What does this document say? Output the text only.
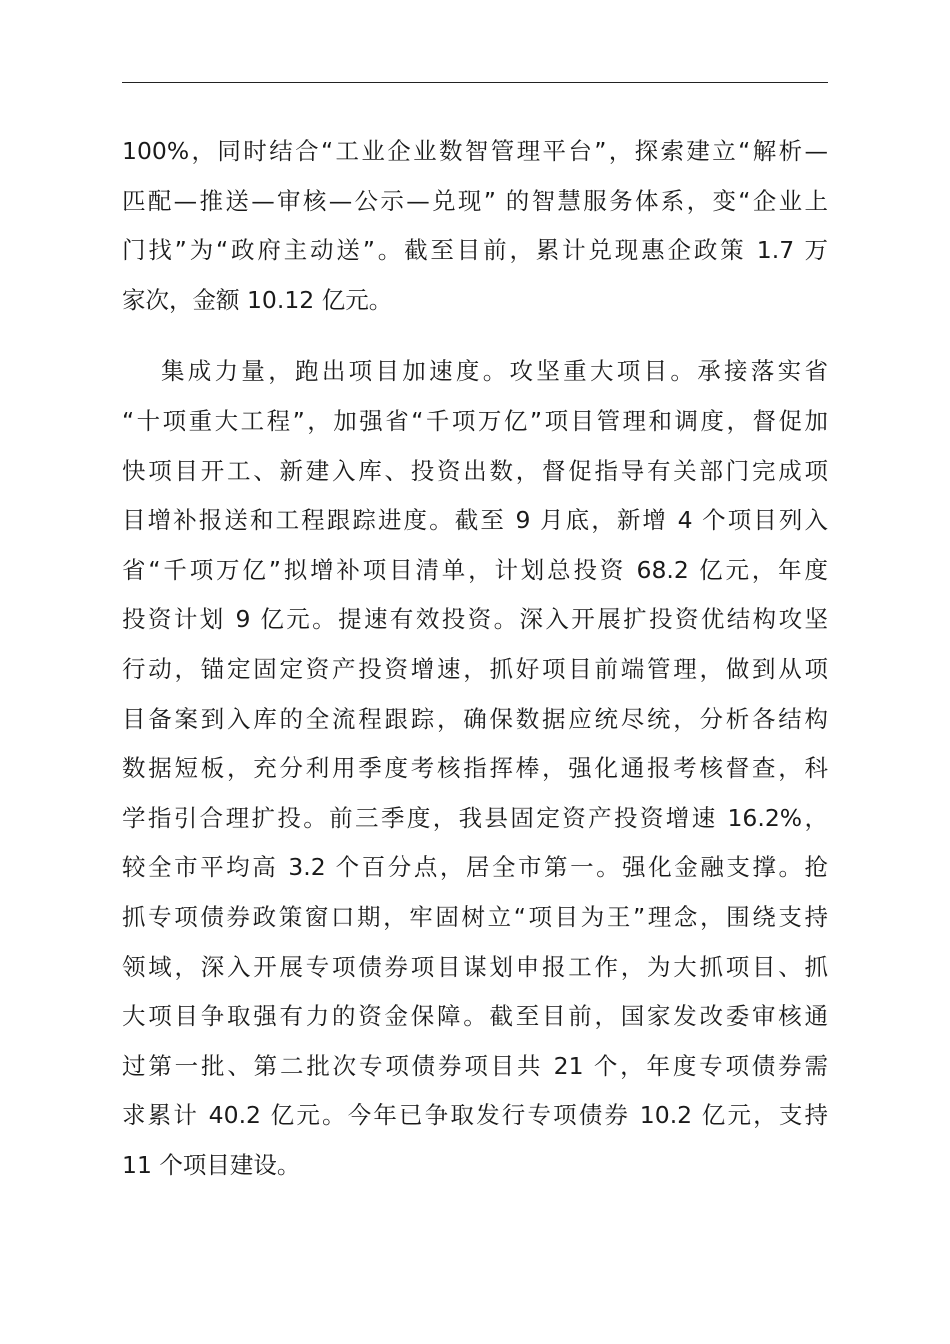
100%，同时结合“工业企业数智管理平台”，探索建立“解析—
匹配—推送—审核—公示—兑现” 的智慧服务体系，变“企业上
门找”为“政府主动送”。截至目前，累计兑现惠企政策 1.7 万
家次，金额 10.12 亿元。
集成力量，跑出项目加速度。攻坚重大项目。承接落实省
“十项重大工程”，加强省“千项万亿”项目管理和调度，督促加
快项目开工、新建入库、投资出数，督促指导有关部门完成项
目增补报送和工程跟踪进度。截至 9 月底，新增 4 个项目列入
省“千项万亿”拟增补项目清单，计划总投资 68.2 亿元，年度
投资计划 9 亿元。提速有效投资。深入开展扩投资优结构攻坚
行动，锚定固定资产投资增速，抓好项目前端管理，做到从项
目备案到入库的全流程跟踪，确保数据应统尽统，分析各结构
数据短板，充分利用季度考核指挥棒，强化通报考核督查，科
学指引合理扩投。前三季度，我县固定资产投资增速 16.2%，
较全市平均高 3.2 个百分点，居全市第一。强化金融支撑。抢
抓专项债券政策窗口期，牢固树立“项目为王”理念，围绕支持
领域，深入开展专项债券项目谋划申报工作，为大抓项目、抓
大项目争取强有力的资金保障。截至目前，国家发改委审核通
过第一批、第二批次专项债券项目共 21 个，年度专项债券需
求累计 40.2 亿元。今年已争取发行专项债券 10.2 亿元，支持
11 个项目建设。
